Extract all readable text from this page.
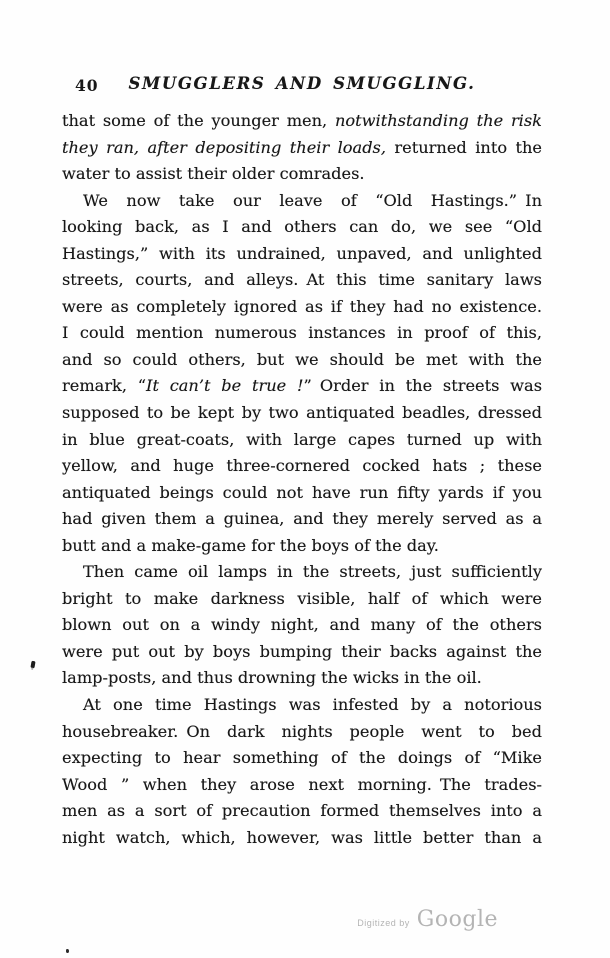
40	SMUGGLERS AND SMUGGLING.
that some of the younger men, notwithstanding the risk
they ran, after depositing their loads, returned into the
water to assist their older comrades.
We now take our leave of “Old Hastings.” In
looking back, as I and others can do, we see “Old
Hastings,” with its undrained, unpaved, and unlighted
streets, courts, and alleys. At this time sanitary laws
were as completely ignored as if they had no existence.
I could mention numerous instances in proof of this,
and so could others, but we should be met with the
remark, “It can’t be true !” Order in the streets was
supposed to be kept by two antiquated beadles, dressed
in blue great-coats, with large capes turned up with
yellow, and huge three-cornered cocked hats ; these
antiquated beings could not have run fifty yards if you
had given them a guinea, and they merely served as a
butt and a make-game for the boys of the day.
Then came oil lamps in the streets, just sufficiently
bright to make darkness visible, half of which were
blown out on a windy night, and many of the others
were put out by boys bumping their backs against the
lamp-posts, and thus drowning the wicks in the oil.
At one time Hastings was infested by a notorious
housebreaker. On dark nights people went to bed
expecting to hear something of the doings of “Mike
Wood ” when they arose next morning. The trades-
men as a sort of precaution formed themselves into a
night watch, which, however, was little better than a
Digitized by Google
